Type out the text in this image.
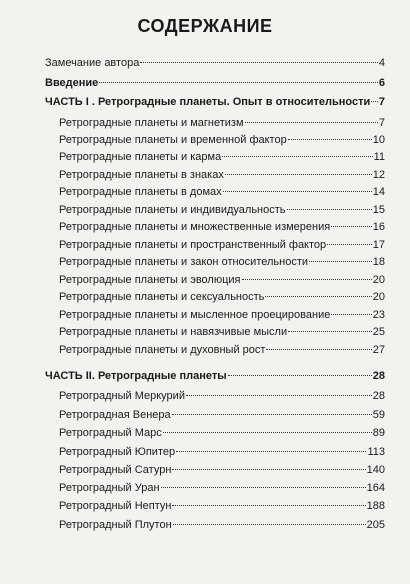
СОДЕРЖАНИЕ
Замечание автора	4
Введение	6
ЧАСТЬ I . Ретроградные планеты. Опыт в относительности 7
Ретроградные планеты и магнетизм	7
Ретроградные планеты и временной фактор	10
Ретроградные планеты и карма	11
Ретроградные планеты в знаках	12
Ретроградные планеты в домах	14
Ретроградные планеты и индивидуальность	15
Ретроградные планеты и множественные измерения	16
Ретроградные планеты и пространственный фактор	17
Ретроградные планеты и закон относительности	18
Ретроградные планеты и эволюция	20
Ретроградные планеты и сексуальность	20
Ретроградные планеты и мысленное проецирование	23
Ретроградные планеты и навязчивые мысли	25
Ретроградные планеты и духовный рост	27
ЧАСТЬ II. Ретроградные планеты	28
Ретроградный Меркурий	28
Ретроградная Венера	59
Ретроградный Марс	89
Ретроградный Юпитер	113
Ретроградный Сатурн	140
Ретроградный Уран	164
Ретроградный Нептун	188
Ретроградный Плутон	205
